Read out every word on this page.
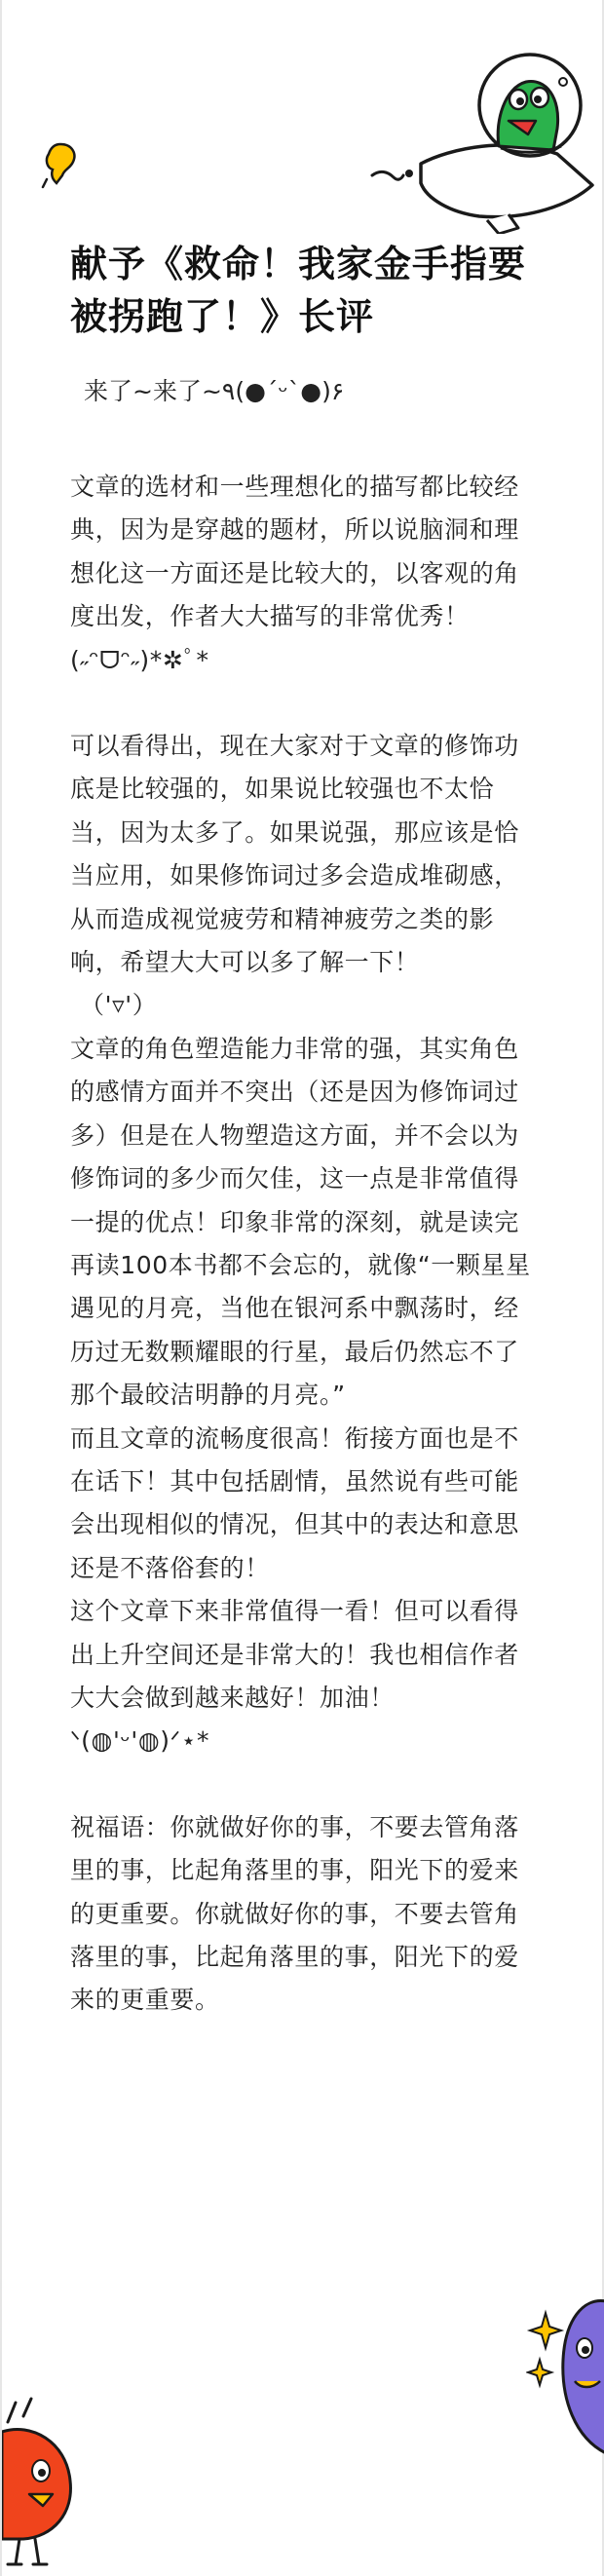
献予《救命！我家金手指要被拐跑了！》长评
来了~来了~٩(●´ᵕ`●)۶

文章的选材和一些理想化的描写都比较经典，因为是穿越的题材，所以说脑洞和理想化这一方面还是比较大的，以客观的角度出发，作者大大描写的非常优秀！(˶ᵔᗜᵔ˶)*✲ﾟ*

可以看得出，现在大家对于文章的修饰功底是比较强的，如果说比较强也不太恰当，因为太多了。如果说强，那应该是恰当应用，如果修饰词过多会造成堆砌感，从而造成视觉疲劳和精神疲劳之类的影响，希望大大可以多了解一下！

（'▿'）

文章的角色塑造能力非常的强，其实角色的感情方面并不突出（还是因为修饰词过多）但是在人物塑造这方面，并不会以为修饰词的多少而欠佳，这一点是非常值得一提的优点！印象非常的深刻，就是读完再读100本书都不会忘的，就像“一颗星星遇见的月亮，当他在银河系中飘荡时，经历过无数颗耀眼的行星，最后仍然忘不了那个最皎洁明静的月亮。”

而且文章的流畅度很高！衔接方面也是不在话下！其中包括剧情，虽然说有些可能会出现相似的情况，但其中的表达和意思还是不落俗套的！

这个文章下来非常值得一看！但可以看得出上升空间还是非常大的！我也相信作者大大会做到越来越好！加油！

ᐠ(◍'ᵕ'◍)ᐟ⋆*

祝福语：你就做好你的事，不要去管角落里的事，比起角落里的事，阳光下的爱来的更重要。你就做好你的事，不要去管角落里的事，比起角落里的事，阳光下的爱来的更重要。
